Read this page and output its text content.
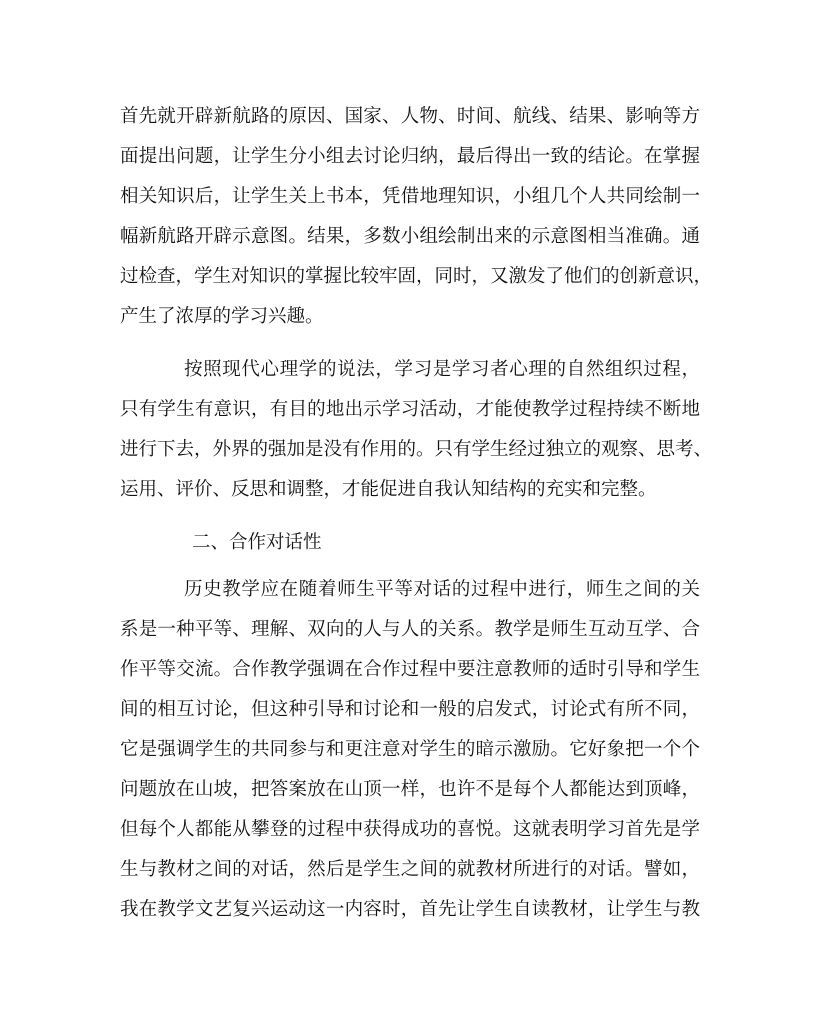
首先就开辟新航路的原因、国家、人物、时间、航线、结果、影响等方
面提出问题，让学生分小组去讨论归纳，最后得出一致的结论。在掌握
相关知识后，让学生关上书本，凭借地理知识，小组几个人共同绘制一
幅新航路开辟示意图。结果，多数小组绘制出来的示意图相当准确。通
过检查，学生对知识的掌握比较牢固，同时，又激发了他们的创新意识，
产生了浓厚的学习兴趣。
按照现代心理学的说法，学习是学习者心理的自然组织过程，
只有学生有意识，有目的地出示学习活动，才能使教学过程持续不断地
进行下去，外界的强加是没有作用的。只有学生经过独立的观察、思考、
运用、评价、反思和调整，才能促进自我认知结构的充实和完整。
二、合作对话性
历史教学应在随着师生平等对话的过程中进行，师生之间的关
系是一种平等、理解、双向的人与人的关系。教学是师生互动互学、合
作平等交流。合作教学强调在合作过程中要注意教师的适时引导和学生
间的相互讨论，但这种引导和讨论和一般的启发式，讨论式有所不同，
它是强调学生的共同参与和更注意对学生的暗示激励。它好象把一个个
问题放在山坡，把答案放在山顶一样，也许不是每个人都能达到顶峰，
但每个人都能从攀登的过程中获得成功的喜悦。这就表明学习首先是学
生与教材之间的对话，然后是学生之间的就教材所进行的对话。譬如，
我在教学文艺复兴运动这一内容时，首先让学生自读教材，让学生与教
